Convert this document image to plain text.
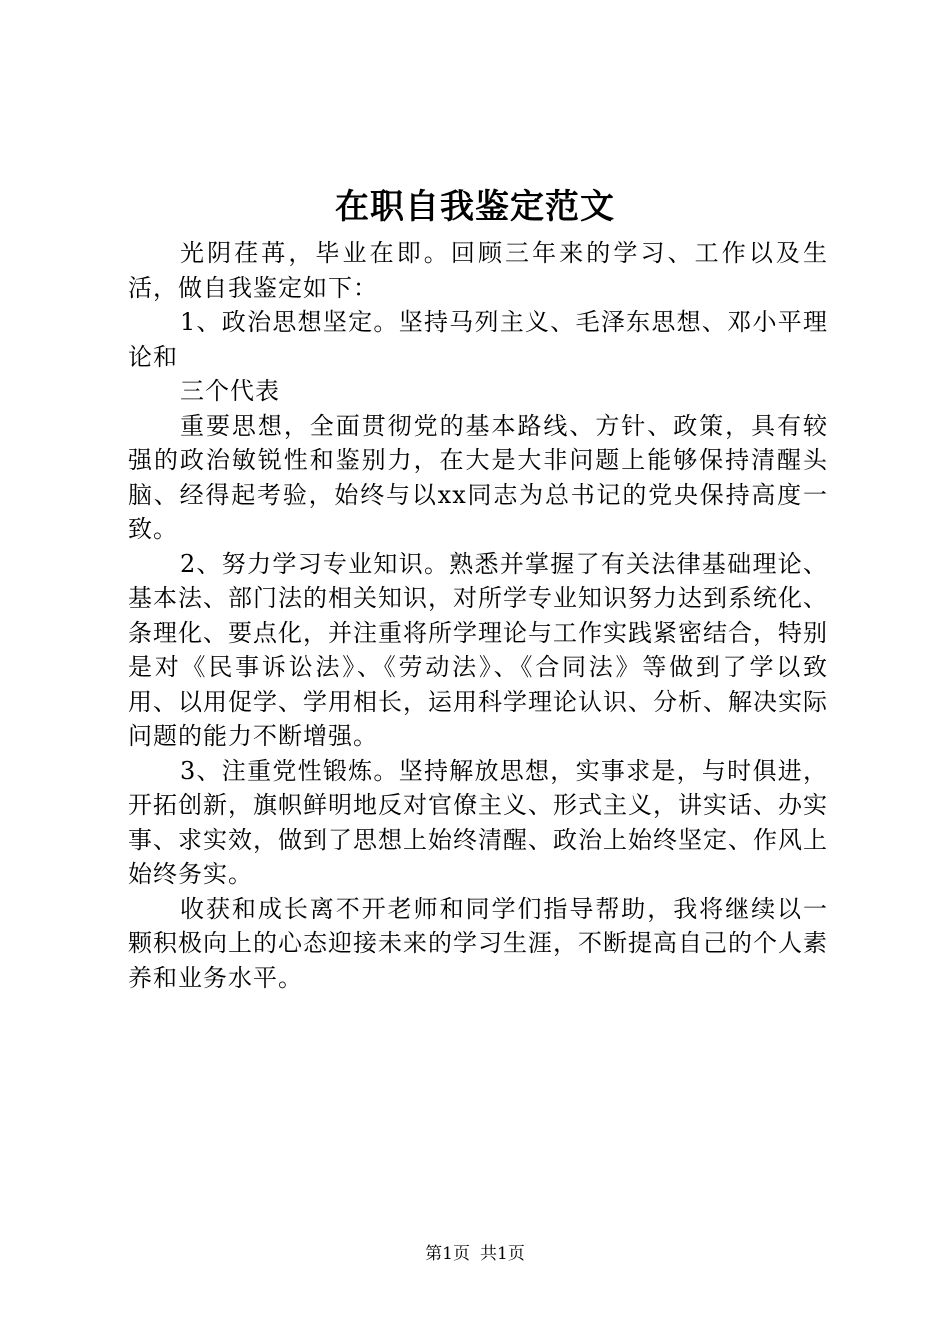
在职自我鉴定范文

光阴荏苒，毕业在即。回顾三年来的学习、工作以及生活，做自我鉴定如下：

1、政治思想坚定。坚持马列主义、毛泽东思想、邓小平理论和

三个代表

重要思想，全面贯彻党的基本路线、方针、政策，具有较强的政治敏锐性和鉴别力，在大是大非问题上能够保持清醒头脑、经得起考验，始终与以xx同志为总书记的党央保持高度一致。

2、努力学习专业知识。熟悉并掌握了有关法律基础理论、基本法、部门法的相关知识，对所学专业知识努力达到系统化、条理化、要点化，并注重将所学理论与工作实践紧密结合，特别是对《民事诉讼法》、《劳动法》、《合同法》等做到了学以致用、以用促学、学用相长，运用科学理论认识、分析、解决实际问题的能力不断增强。

3、注重党性锻炼。坚持解放思想，实事求是，与时俱进，开拓创新，旗帜鲜明地反对官僚主义、形式主义，讲实话、办实事、求实效，做到了思想上始终清醒、政治上始终坚定、作风上始终务实。

收获和成长离不开老师和同学们指导帮助，我将继续以一颗积极向上的心态迎接未来的学习生涯，不断提高自己的个人素养和业务水平。

第1页 共1页
